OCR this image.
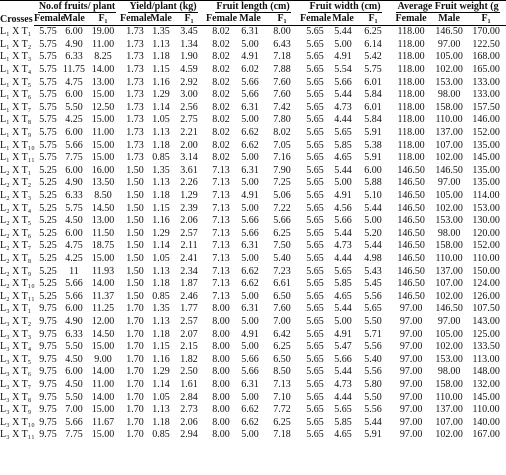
Crosses	No.of fruits/ plant			Yield/plant (kg)			Fruit length (cm)			Fruit width (cm)			Average Fruit weight (g		
	Female	Male	F₁	Female	Male	F₁	Female	Male	F₁	Female	Male	F₁	Female	Male	F₁
L₁ X T₁	5.75	6.00	19.00	1.73	1.35	3.45	8.02	6.31	8.00	5.65	5.44	6.25	118.00	146.50	170.00
L₁ X T₂	5.75	4.90	11.00	1.73	1.13	1.34	8.02	5.00	6.43	5.65	5.00	6.14	118.00	97.00	122.50
L₁ X T₃	5.75	6.33	8.25	1.73	1.18	1.90	8.02	4.91	7.18	5.65	4.91	5.42	118.00	105.00	168.00
L₁ X T₄	5.75	11.75	14.00	1.73	1.15	4.59	8.02	6.02	7.88	5.65	5.54	5.75	118.00	102.00	165.00
L₁ X T₅	5.75	4.75	13.00	1.73	1.16	2.92	8.02	5.66	7.60	5.65	5.66	6.01	118.00	153.00	133.00
L₁ X T₆	5.75	6.00	15.00	1.73	1.29	3.00	8.02	5.66	7.60	5.65	5.44	5.84	118.00	98.00	133.00
L₁ X T₇	5.75	5.50	12.50	1.73	1.14	2.56	8.02	6.31	7.42	5.65	4.73	6.01	118.00	158.00	157.50
L₁ X T₈	5.75	4.25	15.00	1.73	1.05	2.75	8.02	5.00	7.80	5.65	4.44	5.84	118.00	110.00	146.00
L₁ X T₉	5.75	6.00	11.00	1.73	1.13	2.21	8.02	6.62	8.02	5.65	5.65	5.91	118.00	137.00	152.00
L₁ X T₁₀	5.75	5.66	15.00	1.73	1.18	2.00	8.02	6.62	7.05	5.65	5.85	5.38	118.00	107.00	135.00
L₁ X T₁₁	5.75	7.75	15.00	1.73	0.85	3.14	8.02	5.00	7.16	5.65	4.65	5.91	118.00	102.00	145.00
L₂ X T₁	5.25	6.00	16.00	1.50	1.35	3.61	7.13	6.31	7.90	5.65	5.44	6.00	146.50	146.50	135.00
L₂ X T₂	5.25	4.90	13.50	1.50	1.13	2.26	7.13	5.00	7.25	5.65	5.00	5.88	146.50	97.00	135.00
L₂ X T₃	5.25	6.33	8.50	1.50	1.18	1.29	7.13	4.91	5.06	5.65	4.91	5.10	146.50	105.00	114.00
L₂ X T₄	5.25	5.75	14.50	1.50	1.15	2.39	7.13	5.00	7.22	5.65	4.56	5.44	146.50	102.00	153.00
L₂ X T₅	5.25	4.50	13.00	1.50	1.16	2.06	7.13	5.66	5.66	5.65	5.66	5.00	146.50	153.00	130.00
L₂ X T₆	5.25	6.00	11.50	1.50	1.29	2.57	7.13	5.66	6.25	5.65	5.44	5.20	146.50	98.00	120.00
L₂ X T₇	5.25	4.75	18.75	1.50	1.14	2.11	7.13	6.31	7.50	5.65	4.73	5.44	146.50	158.00	152.00
L₂ X T₈	5.25	4.25	15.00	1.50	1.05	2.41	7.13	5.00	5.40	5.65	4.44	4.98	146.50	110.00	110.00
L₂ X T₉	5.25	11	11.93	1.50	1.13	2.34	7.13	6.62	7.23	5.65	5.65	5.43	146.50	137.00	150.00
L₂ X T₁₀	5.25	5.66	14.00	1.50	1.18	1.87	7.13	6.62	6.61	5.65	5.85	5.45	146.50	107.00	124.00
L₂ X T₁₁	5.25	5.66	11.37	1.50	0.85	2.46	7.13	5.00	6.50	5.65	4.65	5.56	146.50	102.00	126.00
L₃ X T₁	9.75	6.00	11.25	1.70	1.35	1.77	8.00	6.31	7.60	5.65	5.44	5.65	97.00	146.50	107.50
L₃ X T₂	9.75	4.90	12.00	1.70	1.13	2.57	8.00	5.00	7.00	5.65	5.00	5.50	97.00	97.00	143.00
L₃ X T₃	9.75	6.33	14.50	1.70	1.18	2.07	8.00	4.91	6.42	5.65	4.91	5.71	97.00	105.00	125.00
L₃ X T₄	9.75	5.50	15.00	1.70	1.15	2.15	8.00	5.00	6.25	5.65	5.47	5.56	97.00	102.00	133.50
L₃ X T₅	9.75	4.50	9.00	1.70	1.16	1.82	8.00	5.66	6.50	5.65	5.66	5.40	97.00	153.00	113.00
L₃ X T₆	9.75	6.00	14.00	1.70	1.29	2.50	8.00	5.66	8.50	5.65	5.44	5.56	97.00	98.00	148.00
L₃ X T₇	9.75	4.50	11.00	1.70	1.14	1.61	8.00	6.31	7.13	5.65	4.73	5.80	97.00	158.00	132.00
L₃ X T₈	9.75	5.50	14.00	1.70	1.05	2.84	8.00	5.00	7.10	5.65	4.44	5.50	97.00	110.00	145.00
L₃ X T₉	9.75	7.00	15.00	1.70	1.13	2.73	8.00	6.62	7.72	5.65	5.65	5.56	97.00	137.00	110.00
L₃ X T₁₀	9.75	5.66	11.67	1.70	1.18	2.06	8.00	6.62	6.25	5.65	5.85	5.44	97.00	107.00	140.00
L₃ X T₁₁	9.75	7.75	15.00	1.70	0.85	2.94	8.00	5.00	7.18	5.65	4.65	5.91	97.00	102.00	167.00
